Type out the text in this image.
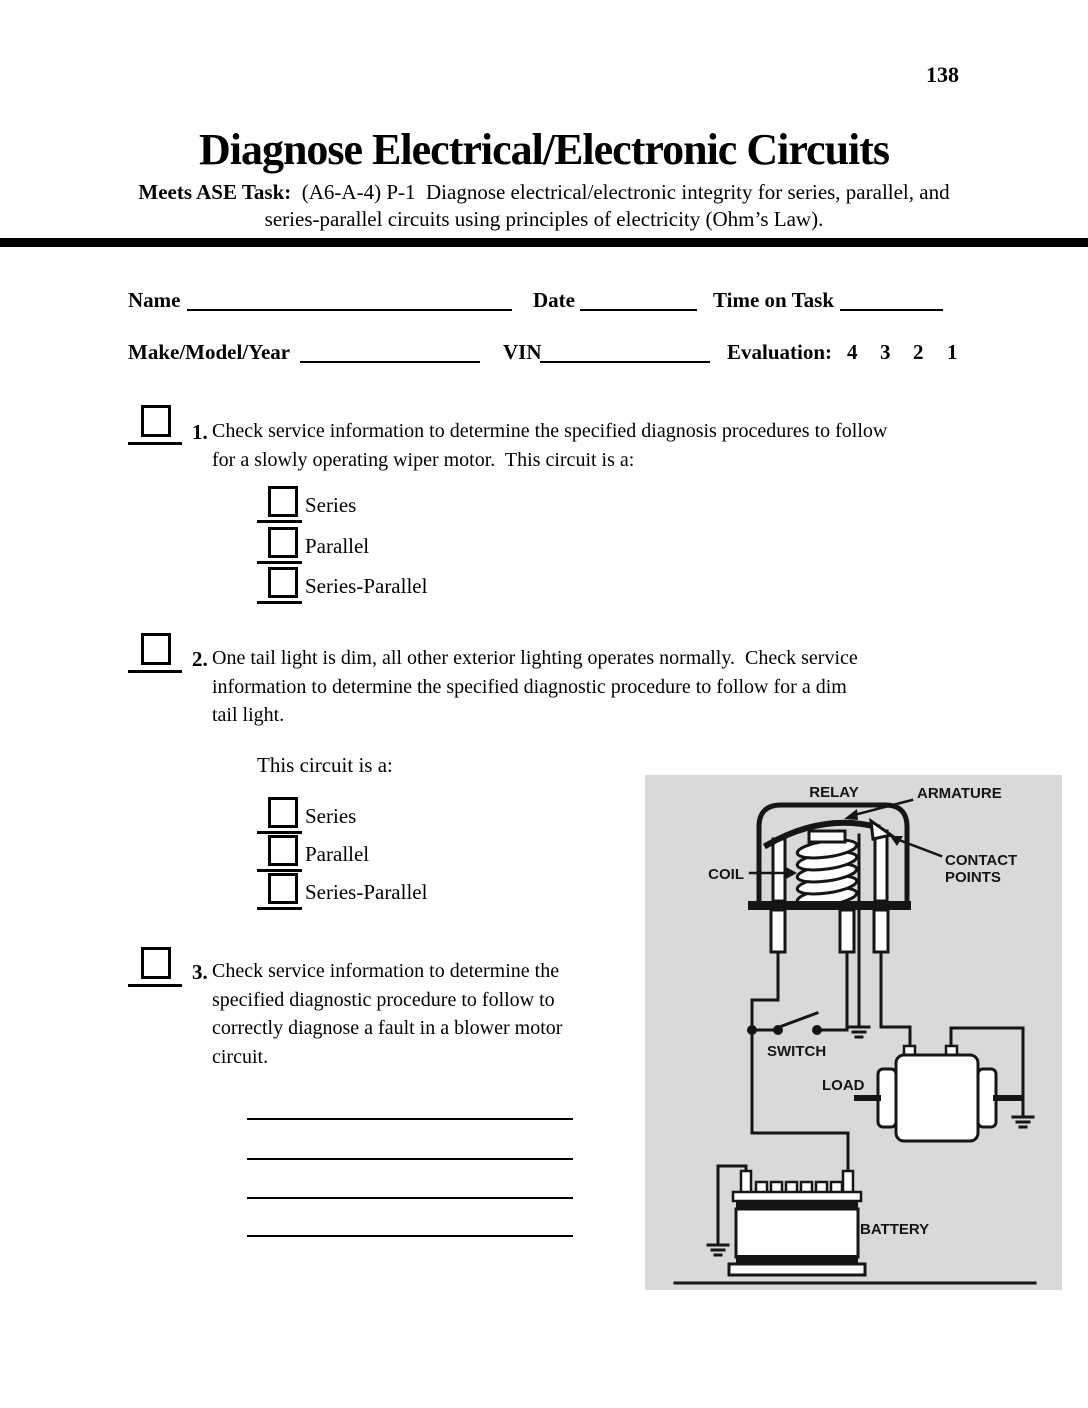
138
Diagnose Electrical/Electronic Circuits
Meets ASE Task:  (A6-A-4) P-1  Diagnose electrical/electronic integrity for series, parallel, and
series-parallel circuits using principles of electricity (Ohm’s Law).
Name	Date	Time on Task
Make/Model/Year	VIN	Evaluation: 4 3 2 1
1. Check service information to determine the specified diagnosis procedures to follow
for a slowly operating wiper motor.  This circuit is a:
Series
Parallel
Series-Parallel
2. One tail light is dim, all other exterior lighting operates normally.  Check service
information to determine the specified diagnostic procedure to follow for a dim
tail light.
This circuit is a:
Series
Parallel
Series-Parallel
3. Check service information to determine the
specified diagnostic procedure to follow to
correctly diagnose a fault in a blower motor
circuit.
RELAY	ARMATURE
CONTACT
POINTS
COIL
SWITCH
LOAD
BATTERY
